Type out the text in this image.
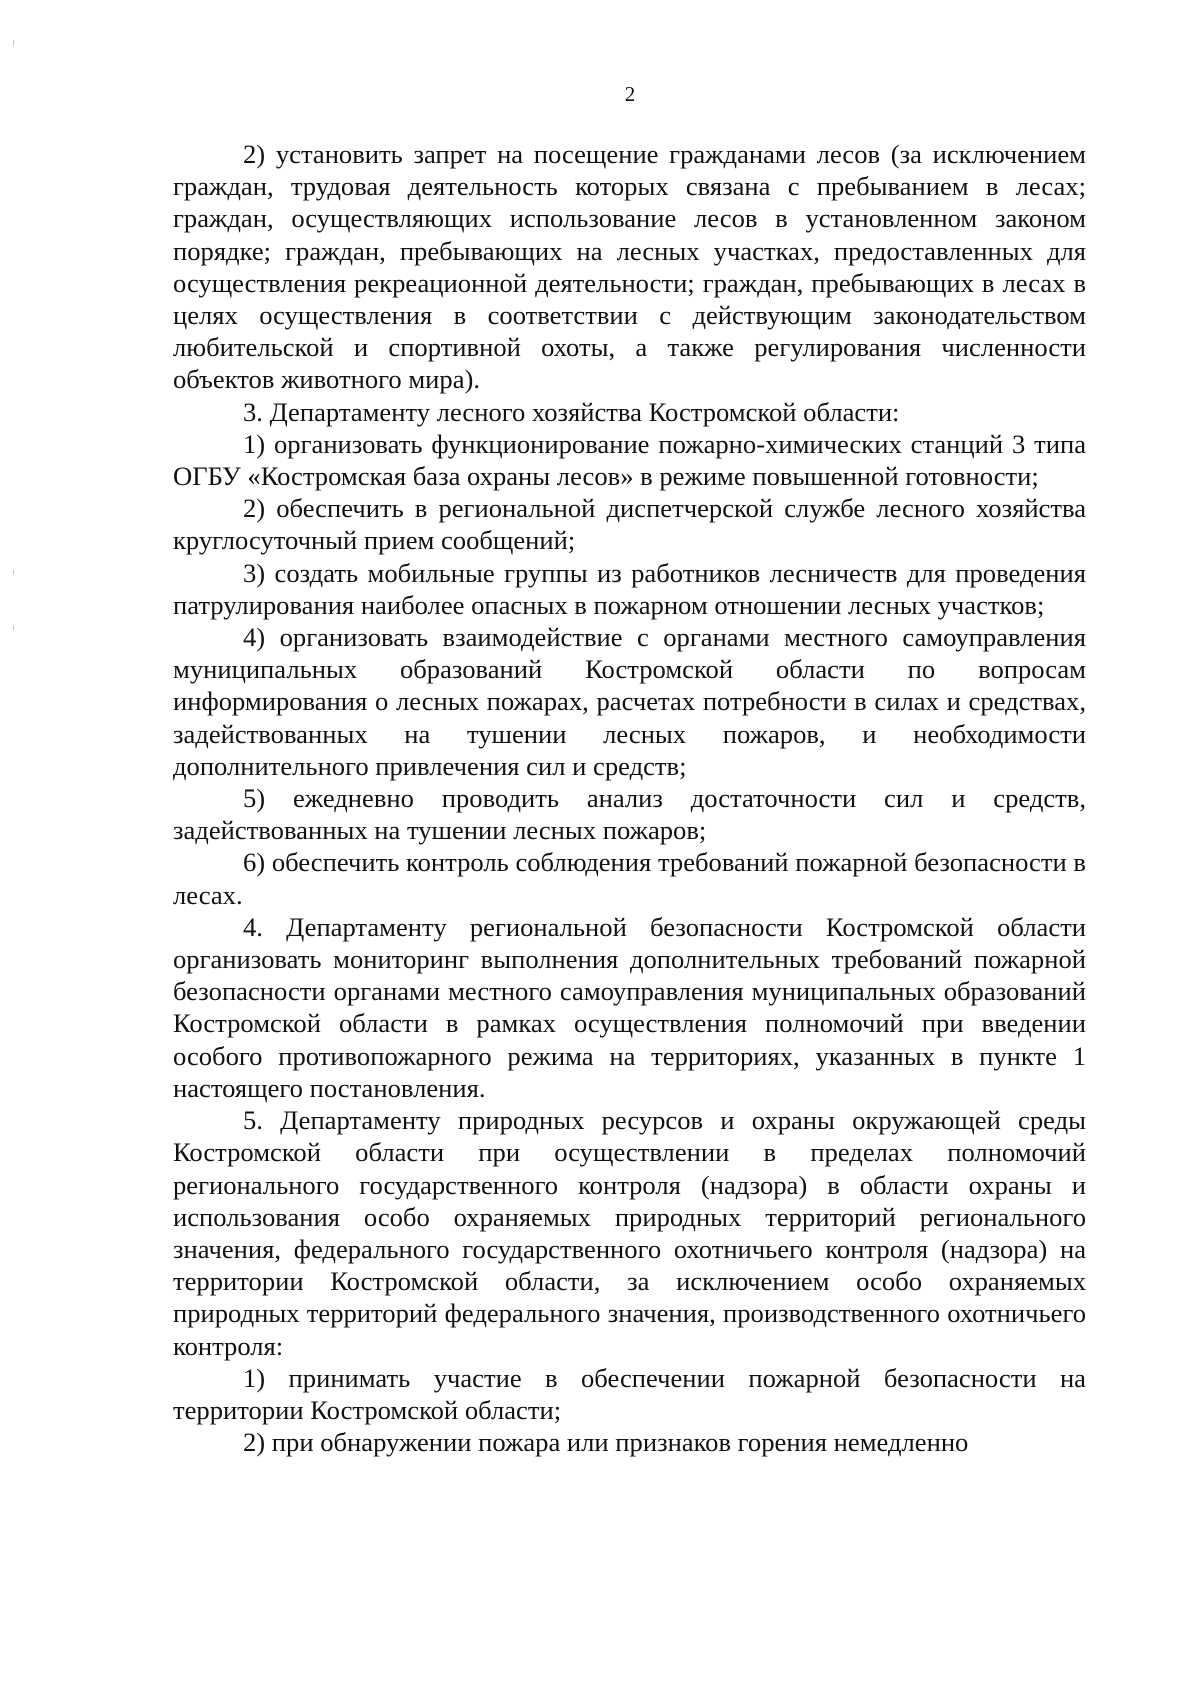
2

2) установить запрет на посещение гражданами лесов (за исключением граждан, трудовая деятельность которых связана с пребыванием в лесах; граждан, осуществляющих использование лесов в установленном законом порядке; граждан, пребывающих на лесных участках, предоставленных для осуществления рекреационной деятельности; граждан, пребывающих в лесах в целях осуществления в соответствии с действующим законодательством любительской и спортивной охоты, а также регулирования численности объектов животного мира).

3. Департаменту лесного хозяйства Костромской области:

1) организовать функционирование пожарно-химических станций 3 типа ОГБУ «Костромская база охраны лесов» в режиме повышенной готовности;

2) обеспечить в региональной диспетчерской службе лесного хозяйства круглосуточный прием сообщений;

3) создать мобильные группы из работников лесничеств для проведения патрулирования наиболее опасных в пожарном отношении лесных участков;

4) организовать взаимодействие с органами местного самоуправления муниципальных образований Костромской области по вопросам информирования о лесных пожарах, расчетах потребности в силах и средствах, задействованных на тушении лесных пожаров, и необходимости дополнительного привлечения сил и средств;

5) ежедневно проводить анализ достаточности сил и средств, задействованных на тушении лесных пожаров;

6) обеспечить контроль соблюдения требований пожарной безопасности в лесах.

4. Департаменту региональной безопасности Костромской области организовать мониторинг выполнения дополнительных требований пожарной безопасности органами местного самоуправления муниципальных образований Костромской области в рамках осуществления полномочий при введении особого противопожарного режима на территориях, указанных в пункте 1 настоящего постановления.

5. Департаменту природных ресурсов и охраны окружающей среды Костромской области при осуществлении в пределах полномочий регионального государственного контроля (надзора) в области охраны и использования особо охраняемых природных территорий регионального значения, федерального государственного охотничьего контроля (надзора) на территории Костромской области, за исключением особо охраняемых природных территорий федерального значения, производственного охотничьего контроля:

1) принимать участие в обеспечении пожарной безопасности на территории Костромской области;

2) при обнаружении пожара или признаков горения немедленно
